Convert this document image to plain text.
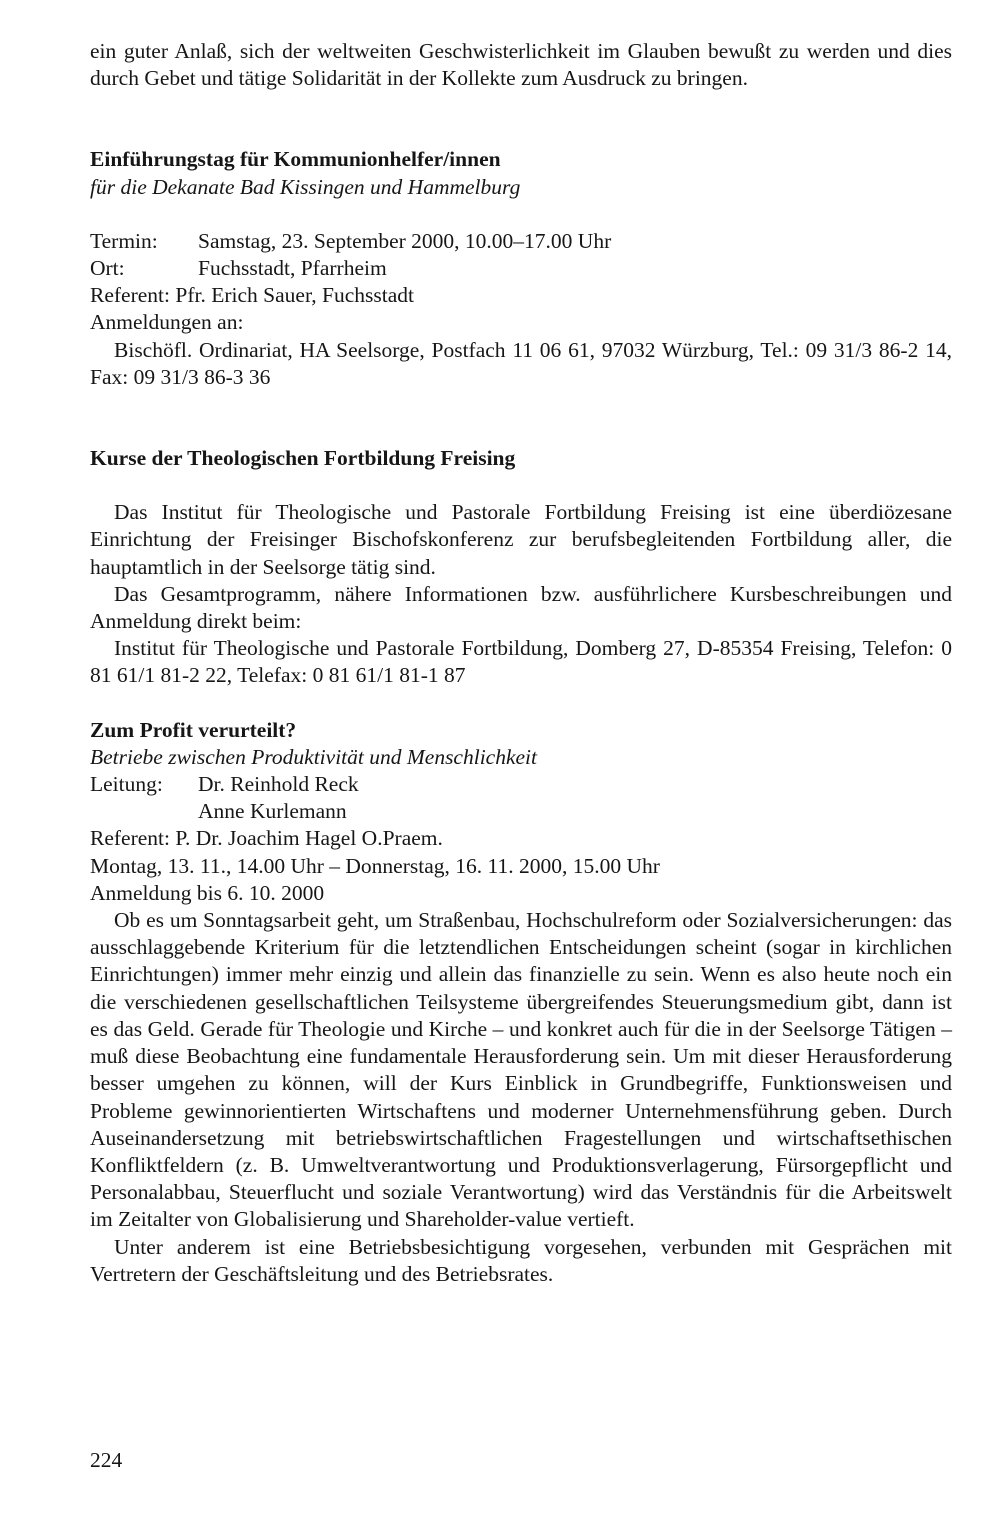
ein guter Anlaß, sich der weltweiten Geschwisterlichkeit im Glauben bewußt zu werden und dies durch Gebet und tätige Solidarität in der Kollekte zum Ausdruck zu bringen.

Einführungstag für Kommunionhelfer/innen

für die Dekanate Bad Kissingen und Hammelburg

Termin:	Samstag, 23. September 2000, 10.00–17.00 Uhr
Ort:	Fuchsstadt, Pfarrheim
Referent:
Pfr. Erich Sauer, Fuchsstadt

Anmeldungen an:

Bischöfl. Ordinariat, HA Seelsorge, Postfach 11 06 61, 97032 Würzburg, Tel.: 09 31/3 86-2 14, Fax: 09 31/3 86-3 36

Kurse der Theologischen Fortbildung Freising

Das Institut für Theologische und Pastorale Fortbildung Freising ist eine überdiözesane Einrichtung der Freisinger Bischofskonferenz zur berufsbegleitenden Fortbildung aller, die hauptamtlich in der Seelsorge tätig sind.

Das Gesamtprogramm, nähere Informationen bzw. ausführlichere Kursbeschreibungen und Anmeldung direkt beim:

Institut für Theologische und Pastorale Fortbildung, Domberg 27, D-85354 Freising, Telefon: 0 81 61/1 81-2 22, Telefax: 0 81 61/1 81-1 87

Zum Profit verurteilt?

Betriebe zwischen Produktivität und Menschlichkeit

Leitung:	Dr. Reinhold Reck
Anne Kurlemann
Referent:
P. Dr. Joachim Hagel O.Praem.

Montag, 13. 11., 14.00 Uhr – Donnerstag, 16. 11. 2000, 15.00 Uhr

Anmeldung bis 6. 10. 2000

Ob es um Sonntagsarbeit geht, um Straßenbau, Hochschulreform oder Sozialversicherungen: das ausschlaggebende Kriterium für die letztendlichen Entscheidungen scheint (sogar in kirchlichen Einrichtungen) immer mehr einzig und allein das finanzielle zu sein. Wenn es also heute noch ein die verschiedenen gesellschaftlichen Teilsysteme übergreifendes Steuerungsmedium gibt, dann ist es das Geld. Gerade für Theologie und Kirche – und konkret auch für die in der Seelsorge Tätigen – muß diese Beobachtung eine fundamentale Herausforderung sein. Um mit dieser Herausforderung besser umgehen zu können, will der Kurs Einblick in Grundbegriffe, Funktionsweisen und Probleme gewinnorientierten Wirtschaftens und moderner Unternehmensführung geben. Durch Auseinandersetzung mit betriebswirtschaftlichen Fragestellungen und wirtschaftsethischen Konfliktfeldern (z. B. Umweltverantwortung und Produktionsverlagerung, Fürsorgepflicht und Personalabbau, Steuerflucht und soziale Verantwortung) wird das Verständnis für die Arbeitswelt im Zeitalter von Globalisierung und Shareholder-value vertieft.

Unter anderem ist eine Betriebsbesichtigung vorgesehen, verbunden mit Gesprächen mit Vertretern der Geschäftsleitung und des Betriebsrates.

224
